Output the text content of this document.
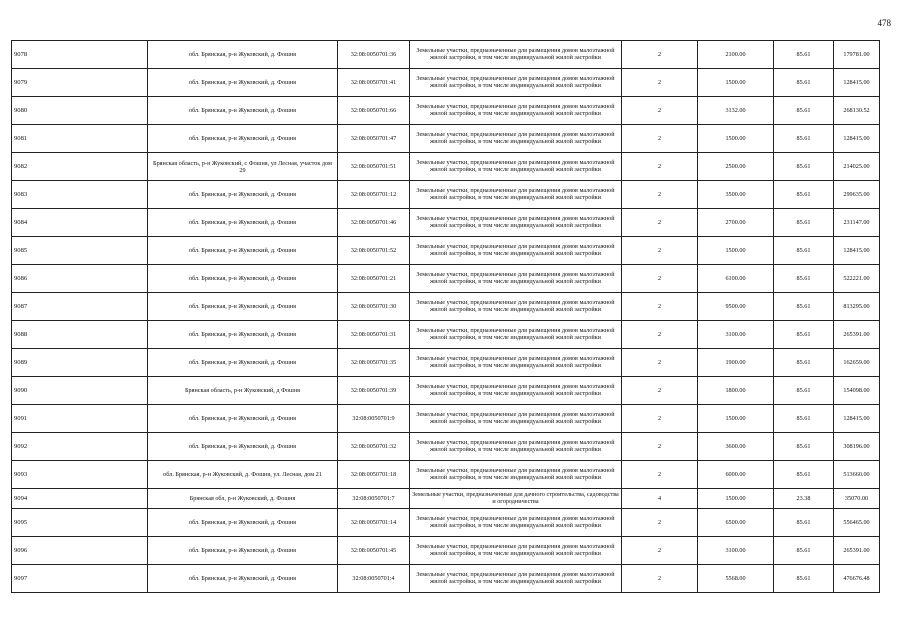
478
9078	обл. Брянская, р-н Жуковский, д. Фошня	32:08:0050701:36	Земельные участки, предназначенные для размещения домов малоэтажной жилой застройки, в том числе индивидуальной жилой застройки	2	2100.00	85.61	179781.00
9079	обл. Брянская, р-н Жуковский, д. Фошня	32:08:0050701:41	Земельные участки, предназначенные для размещения домов малоэтажной жилой застройки, в том числе индивидуальной жилой застройки	2	1500.00	85.61	128415.00
9080	обл. Брянская, р-н Жуковский, д. Фошня	32:08:0050701:66	Земельные участки, предназначенные для размещения домов малоэтажной жилой застройки, в том числе индивидуальной жилой застройки	2	3132.00	85.61	268130.52
9081	обл. Брянская, р-н Жуковский, д. Фошня	32:08:0050701:47	Земельные участки, предназначенные для размещения домов малоэтажной жилой застройки, в том числе индивидуальной жилой застройки	2	1500.00	85.61	128415.00
9082	Брянская область, р-н Жуковский, с Фошня, ул Лесная, участок дом 29	32:08:0050701:51	Земельные участки, предназначенные для размещения домов малоэтажной жилой застройки, в том числе индивидуальной жилой застройки	2	2500.00	85.61	214025.00
9083	обл. Брянская, р-н Жуковский, д. Фошня	32:08:0050701:12	Земельные участки, предназначенные для размещения домов малоэтажной жилой застройки, в том числе индивидуальной жилой застройки	2	3500.00	85.61	299635.00
9084	обл. Брянская, р-н Жуковский, д. Фошня	32:08:0050701:46	Земельные участки, предназначенные для размещения домов малоэтажной жилой застройки, в том числе индивидуальной жилой застройки	2	2700.00	85.61	231147.00
9085	обл. Брянская, р-н Жуковский, д. Фошня	32:08:0050701:52	Земельные участки, предназначенные для размещения домов малоэтажной жилой застройки, в том числе индивидуальной жилой застройки	2	1500.00	85.61	128415.00
9086	обл. Брянская, р-н Жуковский, д. Фошня	32:08:0050701:21	Земельные участки, предназначенные для размещения домов малоэтажной жилой застройки, в том числе индивидуальной жилой застройки	2	6100.00	85.61	522221.00
9087	обл. Брянская, р-н Жуковский, д. Фошня	32:08:0050701:30	Земельные участки, предназначенные для размещения домов малоэтажной жилой застройки, в том числе индивидуальной жилой застройки	2	9500.00	85.61	813295.00
9088	обл. Брянская, р-н Жуковский, д. Фошня	32:08:0050701:31	Земельные участки, предназначенные для размещения домов малоэтажной жилой застройки, в том числе индивидуальной жилой застройки	2	3100.00	85.61	265391.00
9089	обл. Брянская, р-н Жуковский, д. Фошня	32:08:0050701:35	Земельные участки, предназначенные для размещения домов малоэтажной жилой застройки, в том числе индивидуальной жилой застройки	2	1900.00	85.61	162659.00
9090	Брянская область, р-н Жуковский, д Фошня	32:08:0050701:39	Земельные участки, предназначенные для размещения домов малоэтажной жилой застройки, в том числе индивидуальной жилой застройки	2	1800.00	85.61	154098.00
9091	обл. Брянская, р-н Жуковский, д. Фошня	32:08:0050701:9	Земельные участки, предназначенные для размещения домов малоэтажной жилой застройки, в том числе индивидуальной жилой застройки	2	1500.00	85.61	128415.00
9092	обл. Брянская, р-н Жуковский, д. Фошня	32:08:0050701:32	Земельные участки, предназначенные для размещения домов малоэтажной жилой застройки, в том числе индивидуальной жилой застройки	2	3600.00	85.61	308196.00
9093	обл. Брянская, р-н Жуковский, д. Фошня, ул. Лесная, дом 21	32:08:0050701:18	Земельные участки, предназначенные для размещения домов малоэтажной жилой застройки, в том числе индивидуальной жилой застройки	2	6000.00	85.61	513660.00
9094	Брянская обл, р-н Жуковский, д. Фошня	32:08:0050701:7	Земельные участки, предназначенные для дачного строительства, садоводства и огородничества	4	1500.00	23.38	35070.00
9095	обл. Брянская, р-н Жуковский, д. Фошня	32:08:0050701:14	Земельные участки, предназначенные для размещения домов малоэтажной жилой застройки, в том числе индивидуальной жилой застройки	2	6500.00	85.61	556465.00
9096	обл. Брянская, р-н Жуковский, д. Фошня	32:08:0050701:45	Земельные участки, предназначенные для размещения домов малоэтажной жилой застройки, в том числе индивидуальной жилой застройки	2	3100.00	85.61	265391.00
9097	обл. Брянская, р-н Жуковский, д. Фошня	32:08:0050701:4	Земельные участки, предназначенные для размещения домов малоэтажной жилой застройки, в том числе индивидуальной жилой застройки	2	5568.00	85.61	476676.48
